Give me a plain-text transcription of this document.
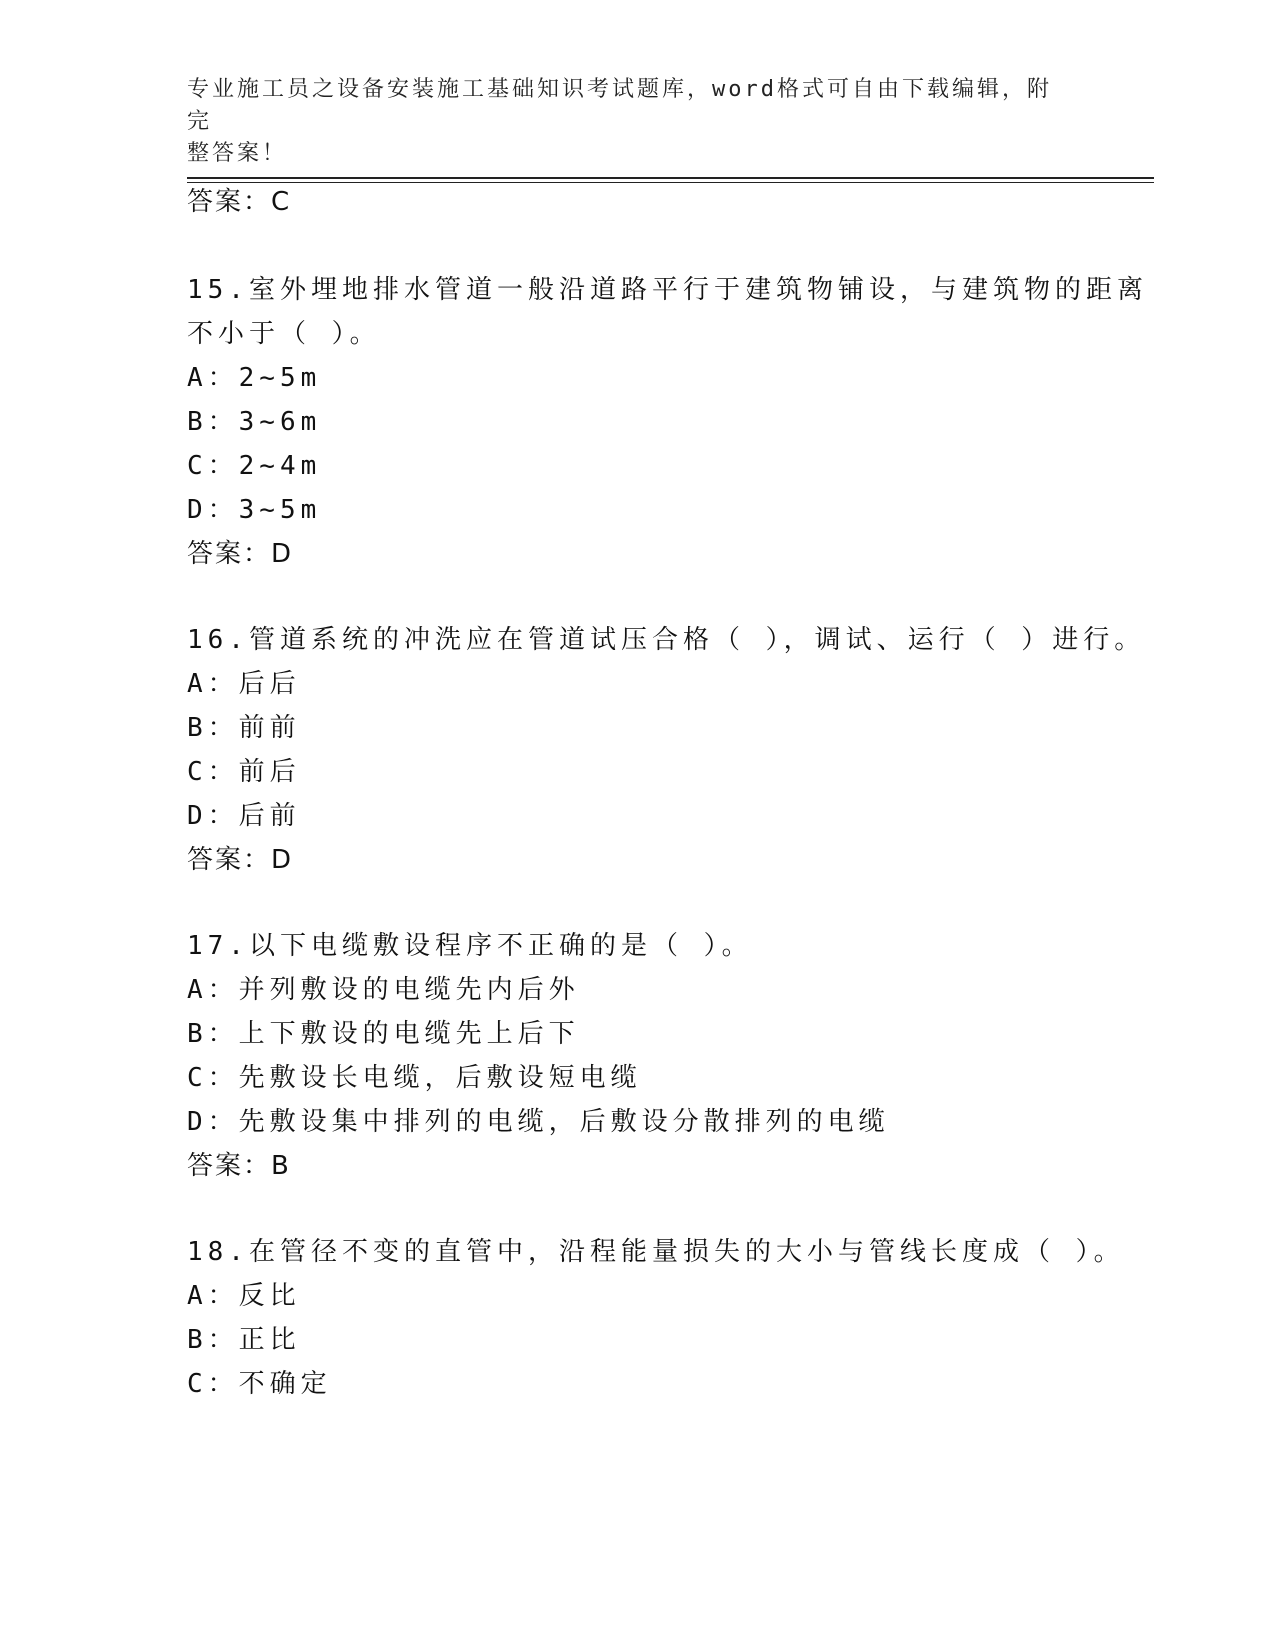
专业施工员之设备安装施工基础知识考试题库，word格式可自由下载编辑，附完
整答案！
答案：C
15.室外埋地排水管道一般沿道路平行于建筑物铺设，与建筑物的距离
不小于（ ）。
A：2~5m
B：3~6m
C：2~4m
D：3~5m
答案：D
16.管道系统的冲洗应在管道试压合格（ ），调试、运行（ ）进行。
A：后后
B：前前
C：前后
D：后前
答案：D
17.以下电缆敷设程序不正确的是（ ）。
A：并列敷设的电缆先内后外
B：上下敷设的电缆先上后下
C：先敷设长电缆，后敷设短电缆
D：先敷设集中排列的电缆，后敷设分散排列的电缆
答案：B
18.在管径不变的直管中，沿程能量损失的大小与管线长度成（ ）。
A：反比
B：正比
C：不确定
